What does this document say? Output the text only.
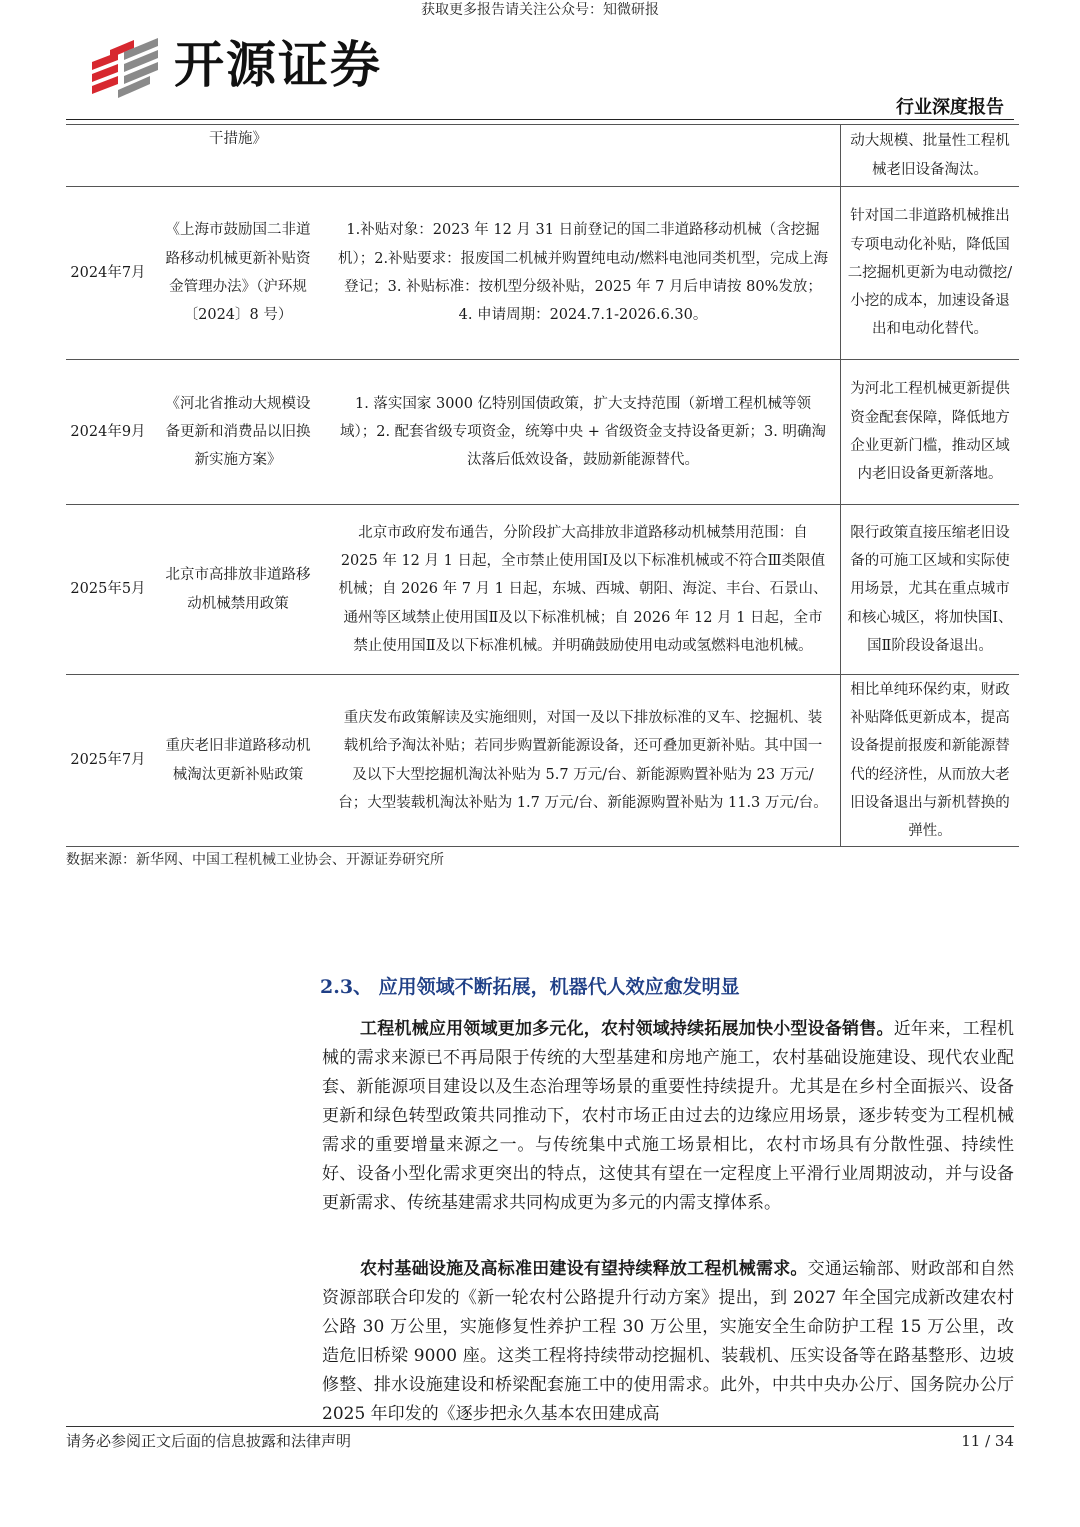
获取更多报告请关注公众号：知微研报
开源证券
行业深度报告
	干措施》		动大规模、批量性工程机械老旧设备淘汰。
2024年7月	《上海市鼓励国二非道路移动机械更新补贴资金管理办法》（沪环规〔2024〕8 号）	1.补贴对象：2023 年 12 月 31 日前登记的国二非道路移动机械（含挖掘机）；2.补贴要求：报废国二机械并购置纯电动/燃料电池同类机型，完成上海登记；3. 补贴标准：按机型分级补贴，2025 年 7 月后申请按 80%发放；4. 申请周期：2024.7.1-2026.6.30。	针对国二非道路机械推出专项电动化补贴，降低国二挖掘机更新为电动微挖/小挖的成本，加速设备退出和电动化替代。
2024年9月	《河北省推动大规模设备更新和消费品以旧换新实施方案》	1. 落实国家 3000 亿特别国债政策，扩大支持范围（新增工程机械等领域）；2. 配套省级专项资金，统筹中央 + 省级资金支持设备更新；3. 明确淘汰落后低效设备，鼓励新能源替代。	为河北工程机械更新提供资金配套保障，降低地方企业更新门槛，推动区域内老旧设备更新落地。
2025年5月	北京市高排放非道路移动机械禁用政策	北京市政府发布通告，分阶段扩大高排放非道路移动机械禁用范围：自 2025 年 12 月 1 日起，全市禁止使用国Ⅰ及以下标准机械或不符合Ⅲ类限值机械；自 2026 年 7 月 1 日起，东城、西城、朝阳、海淀、丰台、石景山、通州等区域禁止使用国Ⅱ及以下标准机械；自 2026 年 12 月 1 日起，全市禁止使用国Ⅱ及以下标准机械。并明确鼓励使用电动或氢燃料电池机械。	限行政策直接压缩老旧设备的可施工区域和实际使用场景，尤其在重点城市和核心城区，将加快国Ⅰ、国Ⅱ阶段设备退出。
2025年7月	重庆老旧非道路移动机械淘汰更新补贴政策	重庆发布政策解读及实施细则，对国一及以下排放标准的叉车、挖掘机、装载机给予淘汰补贴；若同步购置新能源设备，还可叠加更新补贴。其中国一及以下大型挖掘机淘汰补贴为 5.7 万元/台、新能源购置补贴为 23 万元/台；大型装载机淘汰补贴为 1.7 万元/台、新能源购置补贴为 11.3 万元/台。	相比单纯环保约束，财政补贴降低更新成本，提高设备提前报废和新能源替代的经济性，从而放大老旧设备退出与新机替换的弹性。
数据来源：新华网、中国工程机械工业协会、开源证券研究所
2.3、 应用领域不断拓展，机器代人效应愈发明显

工程机械应用领域更加多元化，农村领域持续拓展加快小型设备销售。近年来，工程机械的需求来源已不再局限于传统的大型基建和房地产施工，农村基础设施建设、现代农业配套、新能源项目建设以及生态治理等场景的重要性持续提升。尤其是在乡村全面振兴、设备更新和绿色转型政策共同推动下，农村市场正由过去的边缘应用场景，逐步转变为工程机械需求的重要增量来源之一。与传统集中式施工场景相比，农村市场具有分散性强、持续性好、设备小型化需求更突出的特点，这使其有望在一定程度上平滑行业周期波动，并与设备更新需求、传统基建需求共同构成更为多元的内需支撑体系。

农村基础设施及高标准田建设有望持续释放工程机械需求。交通运输部、财政部和自然资源部联合印发的《新一轮农村公路提升行动方案》提出，到 2027 年全国完成新改建农村公路 30 万公里，实施修复性养护工程 30 万公里，实施安全生命防护工程 15 万公里，改造危旧桥梁 9000 座。这类工程将持续带动挖掘机、装载机、压实设备等在路基整形、边坡修整、排水设施建设和桥梁配套施工中的使用需求。此外，中共中央办公厅、国务院办公厅 2025 年印发的《逐步把永久基本农田建成高

请务必参阅正文后面的信息披露和法律声明	11 / 34
